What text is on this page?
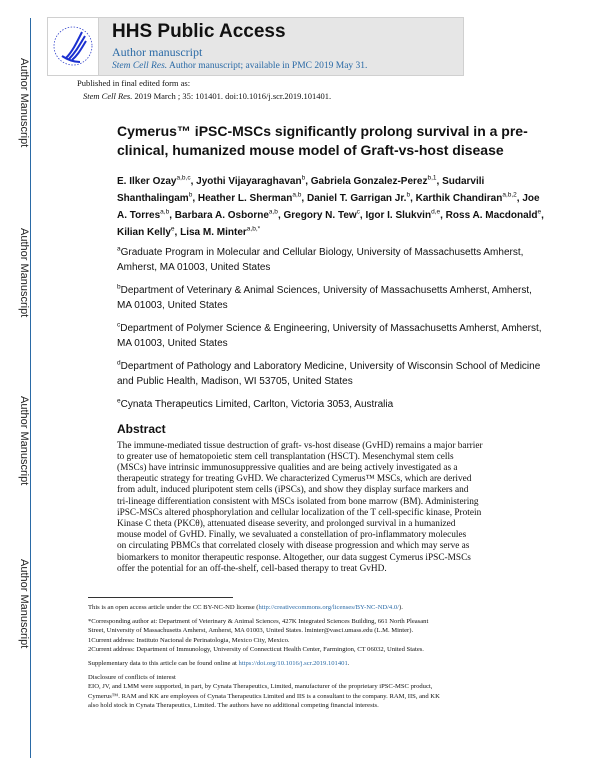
Author Manuscript
Author Manuscript
Author Manuscript
Author Manuscript
HHS Public Access
Author manuscript
Stem Cell Res. Author manuscript; available in PMC 2019 May 31.
Published in final edited form as:
Stem Cell Res. 2019 March ; 35: 101401. doi:10.1016/j.scr.2019.101401.
Cymerus™ iPSC-MSCs significantly prolong survival in a pre-clinical, humanized mouse model of Graft-vs-host disease
E. Ilker Ozay$^{a,b,c}$, Jyothi Vijayaraghavan$^b$, Gabriela Gonzalez-Perez$^{b,1}$, Sudarvili Shanthalingam$^b$, Heather L. Sherman$^{a,b}$, Daniel T. Garrigan Jr.$^b$, Karthik Chandiran$^{a,b,2}$, Joe A. Torres$^{a,b}$, Barbara A. Osborne$^{a,b}$, Gregory N. Tew$^c$, Igor I. Slukvin$^{d,e}$, Ross A. Macdonald$^e$, Kilian Kelly$^e$, Lisa M. Minter$^{a,b,*}$
$^a$Graduate Program in Molecular and Cellular Biology, University of Massachusetts Amherst, Amherst, MA 01003, United States
$^b$Department of Veterinary & Animal Sciences, University of Massachusetts Amherst, Amherst, MA 01003, United States
$^c$Department of Polymer Science & Engineering, University of Massachusetts Amherst, Amherst, MA 01003, United States
$^d$Department of Pathology and Laboratory Medicine, University of Wisconsin School of Medicine and Public Health, Madison, WI 53705, United States
$^e$Cynata Therapeutics Limited, Carlton, Victoria 3053, Australia
Abstract
The immune-mediated tissue destruction of graft- vs-host disease (GvHD) remains a major barrier
to greater use of hematopoietic stem cell transplantation (HSCT). Mesenchymal stem cells
(MSCs) have intrinsic immunosuppressive qualities and are being actively investigated as a
therapeutic strategy for treating GvHD. We characterized Cymerus™ MSCs, which are derived
from adult, induced pluripotent stem cells (iPSCs), and show they display surface markers and
tri-lineage differentiation consistent with MSCs isolated from bone marrow (BM). Administering
iPSC-MSCs altered phosphorylation and cellular localization of the T cell-specific kinase, Protein
Kinase C theta (PKCθ), attenuated disease severity, and prolonged survival in a humanized
mouse model of GvHD. Finally, we sevaluated a constellation of pro-inflammatory molecules
on circulating PBMCs that correlated closely with disease progression and which may serve as
biomarkers to monitor therapeutic response. Altogether, our data suggest Cymerus iPSC-MSCs
offer the potential for an off-the-shelf, cell-based therapy to treat GvHD.
This is an open access article under the CC BY-NC-ND license (http://creativecommons.org/licenses/BY-NC-ND/4.0/).
*Corresponding author at: Department of Veterinary & Animal Sciences, 427K Integrated Sciences Building, 661 North Pleasant
Street, University of Massachusetts Amherst, Amherst, MA 01003, United States. lminter@vasci.umass.edu (L.M. Minter).
1Current address: Instituto Nacional de Perinatologia, Mexico City, Mexico.
2Current address: Department of Immunology, University of Connecticut Health Center, Farmington, CT 06032, United States.
Supplementary data to this article can be found online at https://doi.org/10.1016/j.scr.2019.101401.
Disclosure of conflicts of interest
EIO, JV, and LMM were supported, in part, by Cynata Therapeutics, Limited, manufacturer of the proprietary iPSC-MSC product,
Cymerus™. RAM and KK are employees of Cynata Therapeutics Limited and IIS is a consultant to the company. RAM, IIS, and KK
also hold stock in Cynata Therapeutics, Limited. The authors have no additional competing financial interests.
